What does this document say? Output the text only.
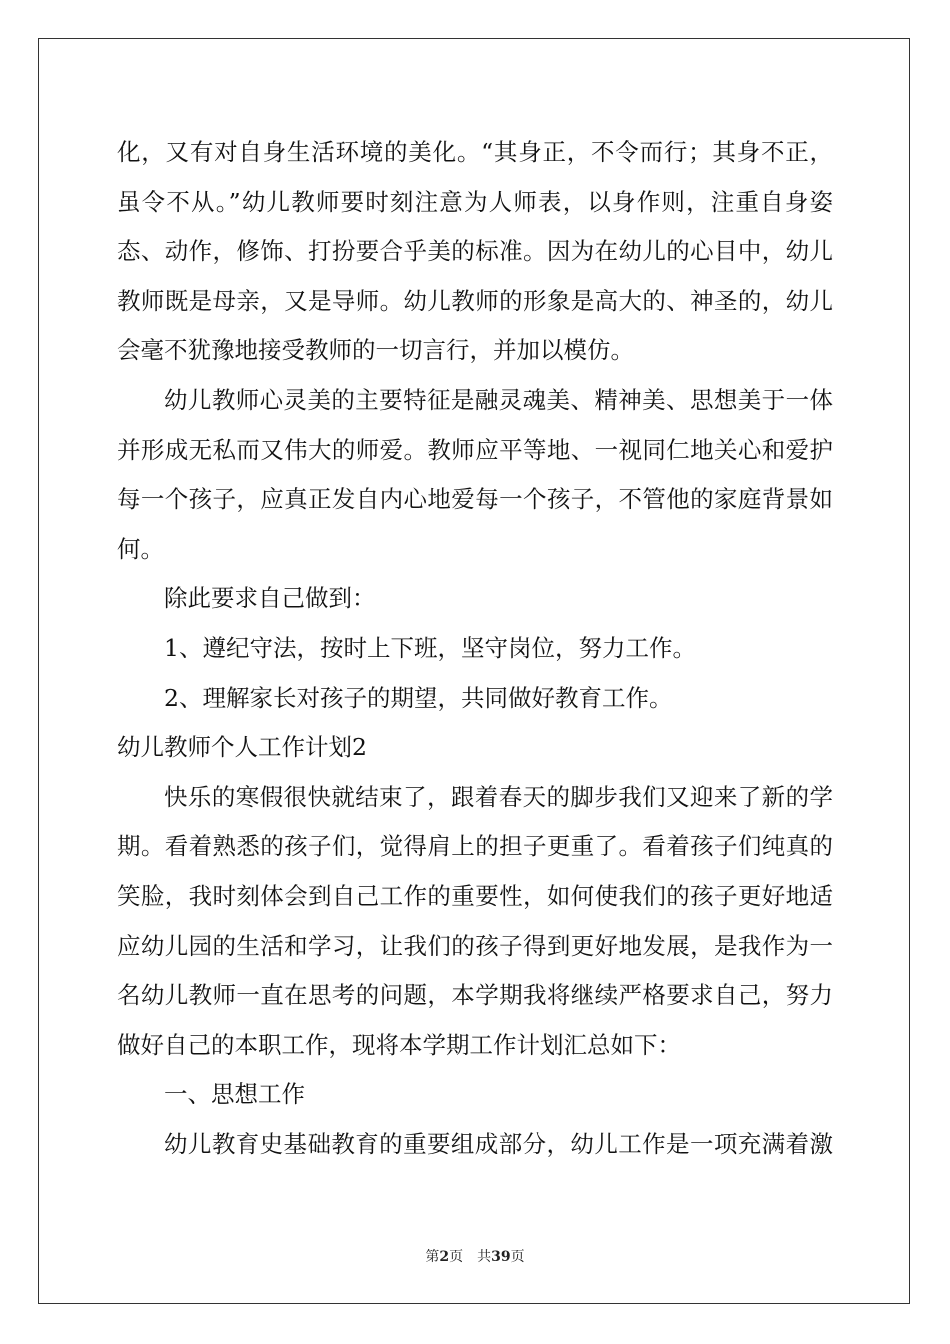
化，又有对自身生活环境的美化。“其身正，不令而行；其身不正，
虽令不从。”幼儿教师要时刻注意为人师表，以身作则，注重自身姿
态、动作，修饰、打扮要合乎美的标准。因为在幼儿的心目中，幼儿
教师既是母亲，又是导师。幼儿教师的形象是高大的、神圣的，幼儿
会毫不犹豫地接受教师的一切言行，并加以模仿。
幼儿教师心灵美的主要特征是融灵魂美、精神美、思想美于一体
并形成无私而又伟大的师爱。教师应平等地、一视同仁地关心和爱护
每一个孩子，应真正发自内心地爱每一个孩子，不管他的家庭背景如
何。
除此要求自己做到：
1、遵纪守法，按时上下班，坚守岗位，努力工作。
2、理解家长对孩子的期望，共同做好教育工作。
幼儿教师个人工作计划2
快乐的寒假很快就结束了，跟着春天的脚步我们又迎来了新的学
期。看着熟悉的孩子们，觉得肩上的担子更重了。看着孩子们纯真的
笑脸，我时刻体会到自己工作的重要性，如何使我们的孩子更好地适
应幼儿园的生活和学习，让我们的孩子得到更好地发展，是我作为一
名幼儿教师一直在思考的问题，本学期我将继续严格要求自己，努力
做好自己的本职工作，现将本学期工作计划汇总如下：
一、思想工作
幼儿教育史基础教育的重要组成部分，幼儿工作是一项充满着激
第2页 共39页
